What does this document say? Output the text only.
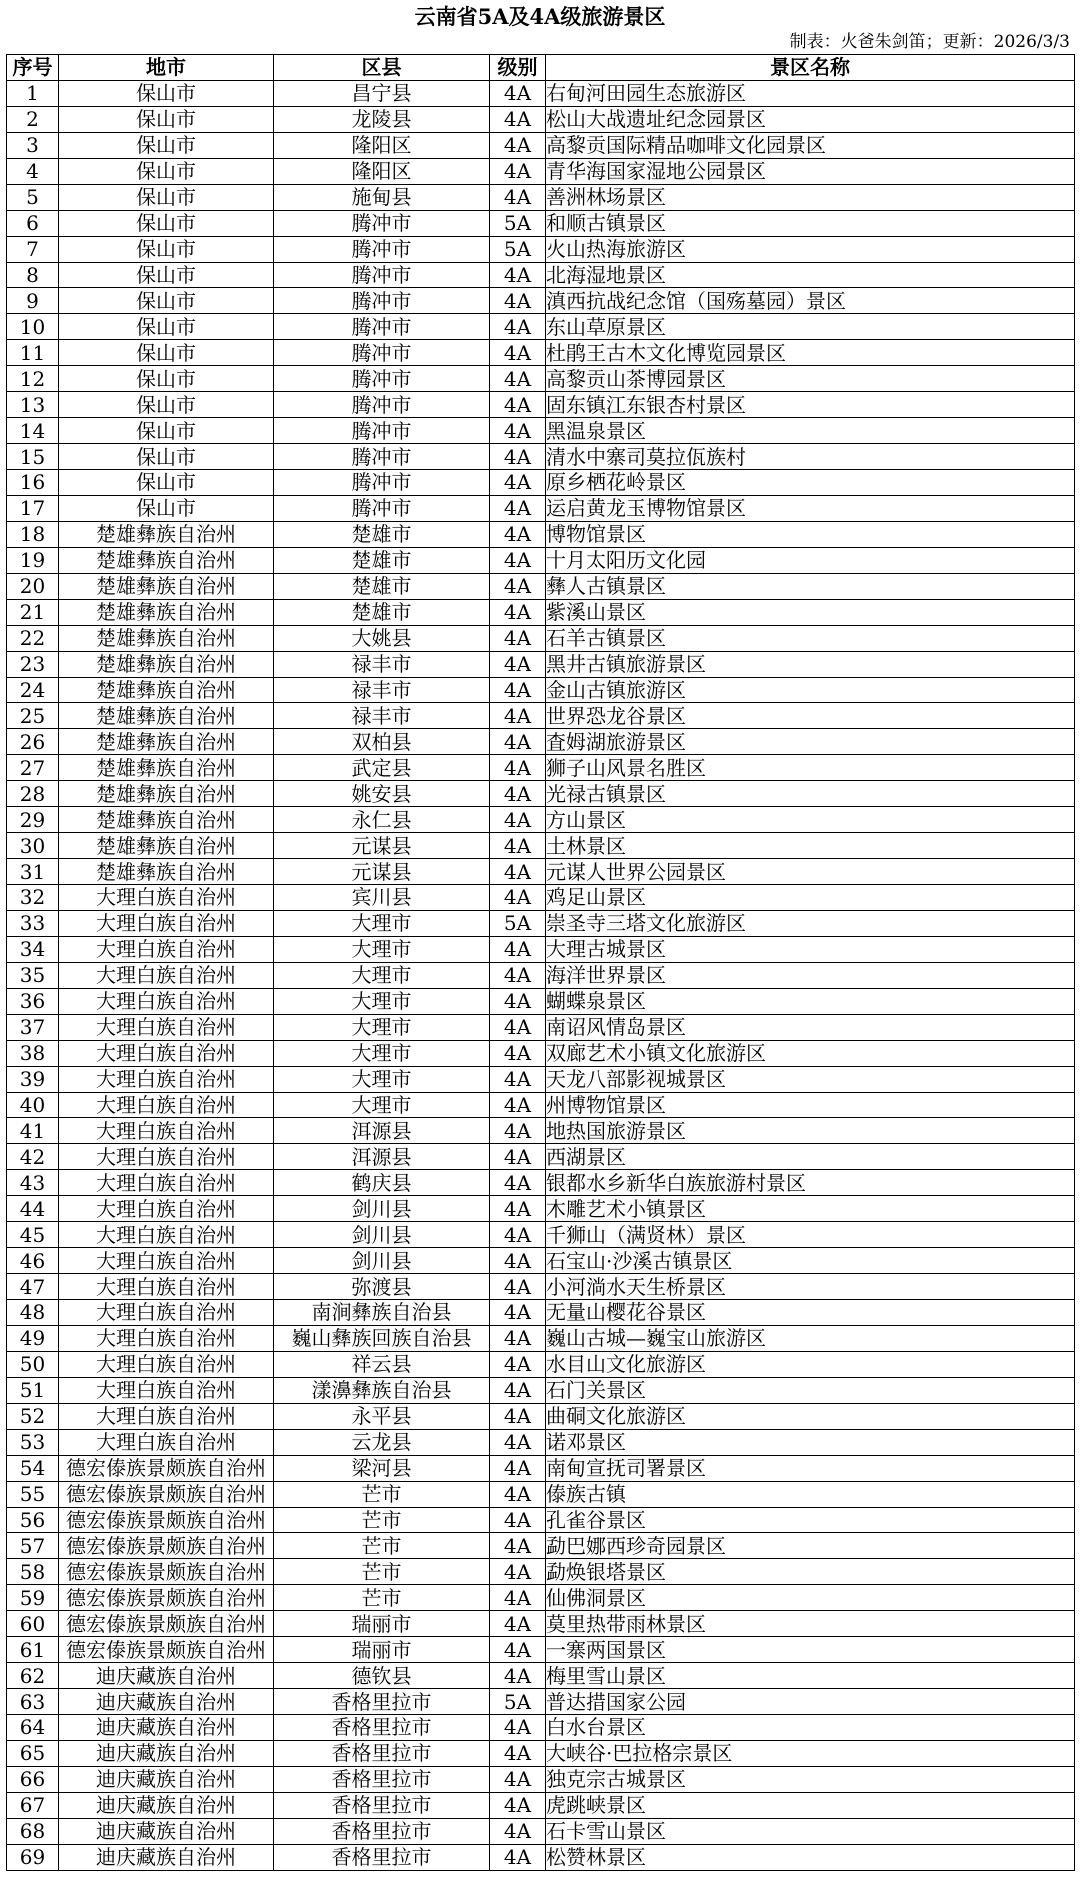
云南省5A及4A级旅游景区
制表：火爸朱剑笛；更新：2026/3/3
序号	地市	区县	级别	景区名称
1	保山市	昌宁县	4A	右甸河田园生态旅游区
2	保山市	龙陵县	4A	松山大战遗址纪念园景区
3	保山市	隆阳区	4A	高黎贡国际精品咖啡文化园景区
4	保山市	隆阳区	4A	青华海国家湿地公园景区
5	保山市	施甸县	4A	善洲林场景区
6	保山市	腾冲市	5A	和顺古镇景区
7	保山市	腾冲市	5A	火山热海旅游区
8	保山市	腾冲市	4A	北海湿地景区
9	保山市	腾冲市	4A	滇西抗战纪念馆（国殇墓园）景区
10	保山市	腾冲市	4A	东山草原景区
11	保山市	腾冲市	4A	杜鹃王古木文化博览园景区
12	保山市	腾冲市	4A	高黎贡山茶博园景区
13	保山市	腾冲市	4A	固东镇江东银杏村景区
14	保山市	腾冲市	4A	黑温泉景区
15	保山市	腾冲市	4A	清水中寨司莫拉佤族村
16	保山市	腾冲市	4A	原乡栖花岭景区
17	保山市	腾冲市	4A	运启黄龙玉博物馆景区
18	楚雄彝族自治州	楚雄市	4A	博物馆景区
19	楚雄彝族自治州	楚雄市	4A	十月太阳历文化园
20	楚雄彝族自治州	楚雄市	4A	彝人古镇景区
21	楚雄彝族自治州	楚雄市	4A	紫溪山景区
22	楚雄彝族自治州	大姚县	4A	石羊古镇景区
23	楚雄彝族自治州	禄丰市	4A	黑井古镇旅游景区
24	楚雄彝族自治州	禄丰市	4A	金山古镇旅游区
25	楚雄彝族自治州	禄丰市	4A	世界恐龙谷景区
26	楚雄彝族自治州	双柏县	4A	査姆湖旅游景区
27	楚雄彝族自治州	武定县	4A	狮子山风景名胜区
28	楚雄彝族自治州	姚安县	4A	光禄古镇景区
29	楚雄彝族自治州	永仁县	4A	方山景区
30	楚雄彝族自治州	元谋县	4A	土林景区
31	楚雄彝族自治州	元谋县	4A	元谋人世界公园景区
32	大理白族自治州	宾川县	4A	鸡足山景区
33	大理白族自治州	大理市	5A	崇圣寺三塔文化旅游区
34	大理白族自治州	大理市	4A	大理古城景区
35	大理白族自治州	大理市	4A	海洋世界景区
36	大理白族自治州	大理市	4A	蝴蝶泉景区
37	大理白族自治州	大理市	4A	南诏风情岛景区
38	大理白族自治州	大理市	4A	双廊艺术小镇文化旅游区
39	大理白族自治州	大理市	4A	天龙八部影视城景区
40	大理白族自治州	大理市	4A	州博物馆景区
41	大理白族自治州	洱源县	4A	地热国旅游景区
42	大理白族自治州	洱源县	4A	西湖景区
43	大理白族自治州	鹤庆县	4A	银都水乡新华白族旅游村景区
44	大理白族自治州	剑川县	4A	木雕艺术小镇景区
45	大理白族自治州	剑川县	4A	千狮山（满贤林）景区
46	大理白族自治州	剑川县	4A	石宝山·沙溪古镇景区
47	大理白族自治州	弥渡县	4A	小河淌水天生桥景区
48	大理白族自治州	南涧彝族自治县	4A	无量山樱花谷景区
49	大理白族自治州	巍山彝族回族自治县	4A	巍山古城—巍宝山旅游区
50	大理白族自治州	祥云县	4A	水目山文化旅游区
51	大理白族自治州	漾濞彝族自治县	4A	石门关景区
52	大理白族自治州	永平县	4A	曲硐文化旅游区
53	大理白族自治州	云龙县	4A	诺邓景区
54	德宏傣族景颇族自治州	梁河县	4A	南甸宣抚司署景区
55	德宏傣族景颇族自治州	芒市	4A	傣族古镇
56	德宏傣族景颇族自治州	芒市	4A	孔雀谷景区
57	德宏傣族景颇族自治州	芒市	4A	勐巴娜西珍奇园景区
58	德宏傣族景颇族自治州	芒市	4A	勐焕银塔景区
59	德宏傣族景颇族自治州	芒市	4A	仙佛洞景区
60	德宏傣族景颇族自治州	瑞丽市	4A	莫里热带雨林景区
61	德宏傣族景颇族自治州	瑞丽市	4A	一寨两国景区
62	迪庆藏族自治州	德钦县	4A	梅里雪山景区
63	迪庆藏族自治州	香格里拉市	5A	普达措国家公园
64	迪庆藏族自治州	香格里拉市	4A	白水台景区
65	迪庆藏族自治州	香格里拉市	4A	大峡谷·巴拉格宗景区
66	迪庆藏族自治州	香格里拉市	4A	独克宗古城景区
67	迪庆藏族自治州	香格里拉市	4A	虎跳峡景区
68	迪庆藏族自治州	香格里拉市	4A	石卡雪山景区
69	迪庆藏族自治州	香格里拉市	4A	松赞林景区
